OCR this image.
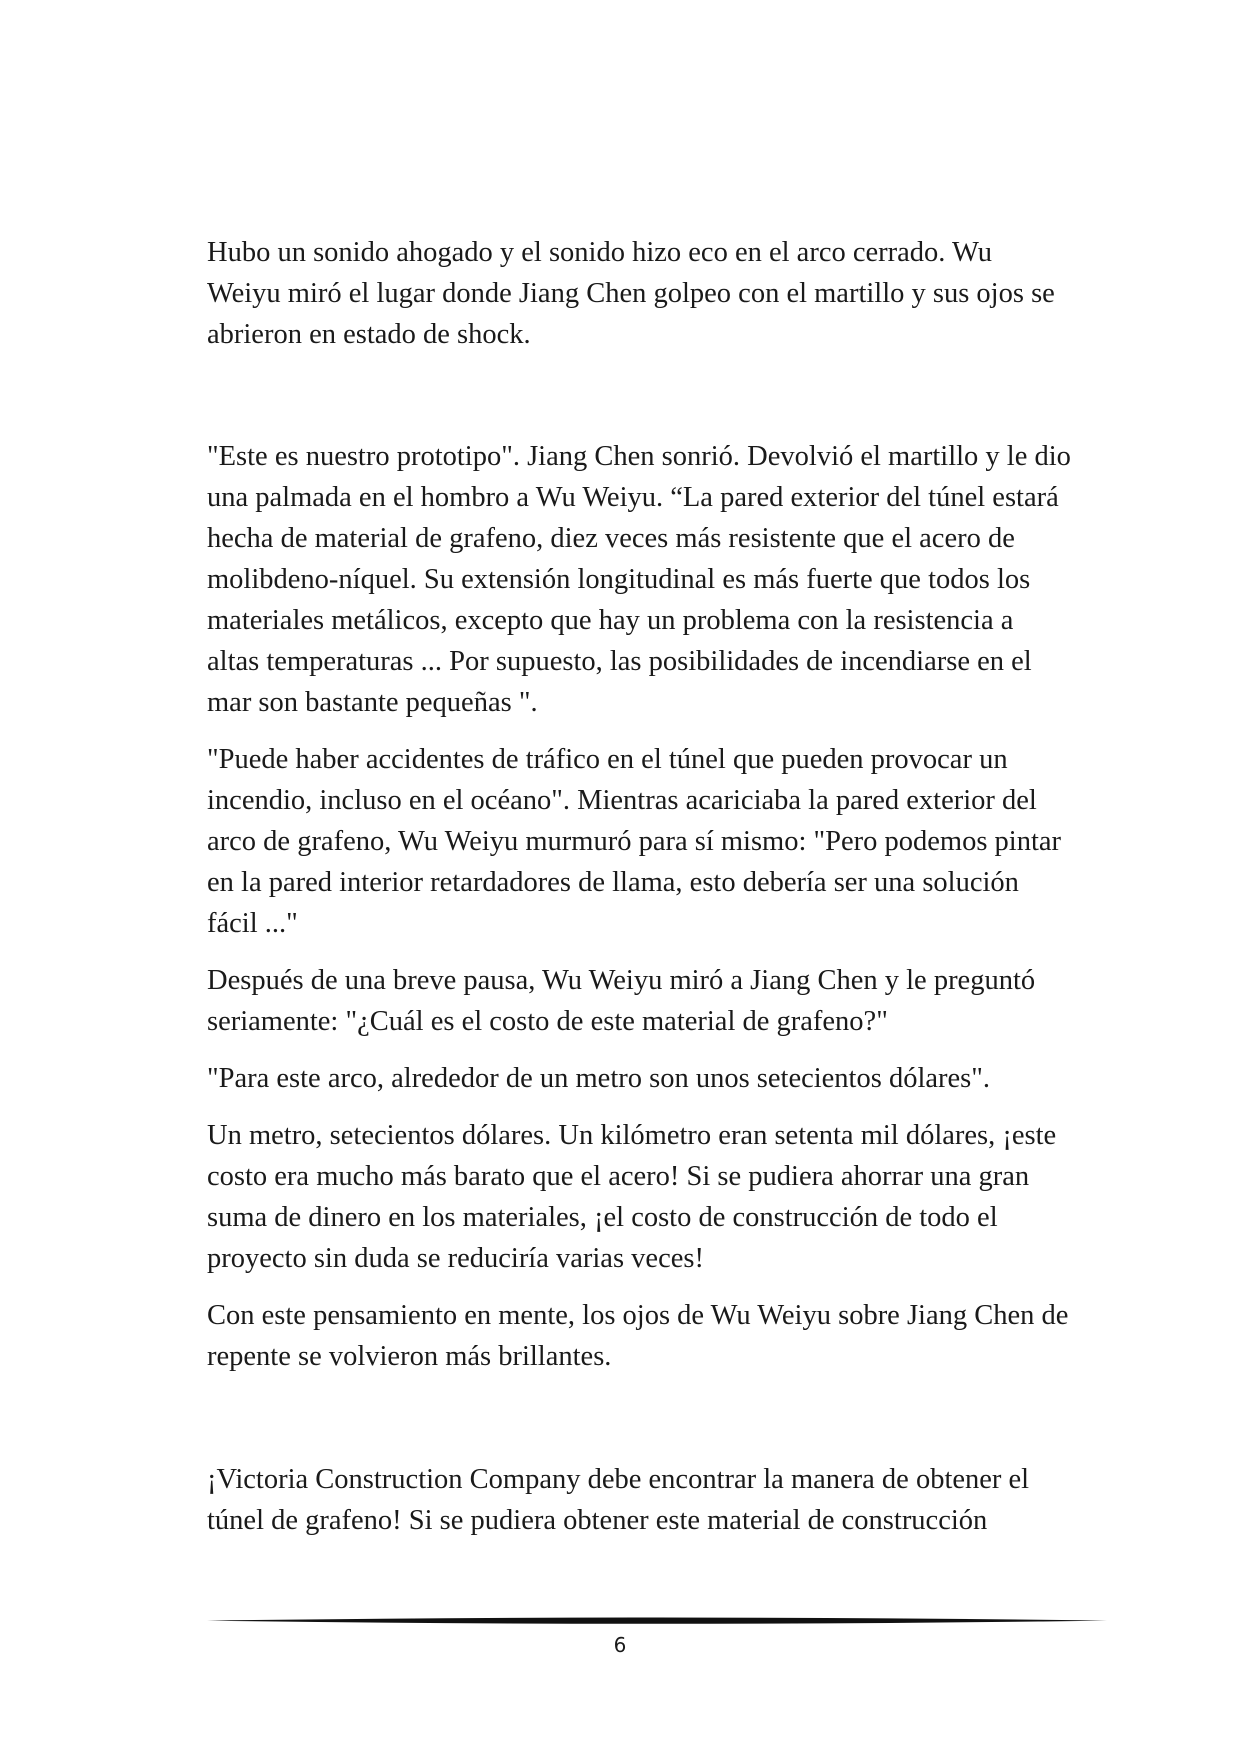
Hubo un sonido ahogado y el sonido hizo eco en el arco cerrado. Wu Weiyu miró el lugar donde Jiang Chen golpeo con el martillo y sus ojos se abrieron en estado de shock.

"Este es nuestro prototipo". Jiang Chen sonrió. Devolvió el martillo y le dio una palmada en el hombro a Wu Weiyu. “La pared exterior del túnel estará hecha de material de grafeno, diez veces más resistente que el acero de molibdeno-níquel. Su extensión longitudinal es más fuerte que todos los materiales metálicos, excepto que hay un problema con la resistencia a altas temperaturas ... Por supuesto, las posibilidades de incendiarse en el mar son bastante pequeñas ".

"Puede haber accidentes de tráfico en el túnel que pueden provocar un incendio, incluso en el océano". Mientras acariciaba la pared exterior del arco de grafeno, Wu Weiyu murmuró para sí mismo: "Pero podemos pintar en la pared interior retardadores de llama, esto debería ser una solución fácil ..."

Después de una breve pausa, Wu Weiyu miró a Jiang Chen y le preguntó seriamente: "¿Cuál es el costo de este material de grafeno?"

"Para este arco, alrededor de un metro son unos setecientos dólares".

Un metro, setecientos dólares. Un kilómetro eran setenta mil dólares, ¡este costo era mucho más barato que el acero! Si se pudiera ahorrar una gran suma de dinero en los materiales, ¡el costo de construcción de todo el proyecto sin duda se reduciría varias veces!

Con este pensamiento en mente, los ojos de Wu Weiyu sobre Jiang Chen de repente se volvieron más brillantes.

¡Victoria Construction Company debe encontrar la manera de obtener el túnel de grafeno! Si se pudiera obtener este material de construcción

6
